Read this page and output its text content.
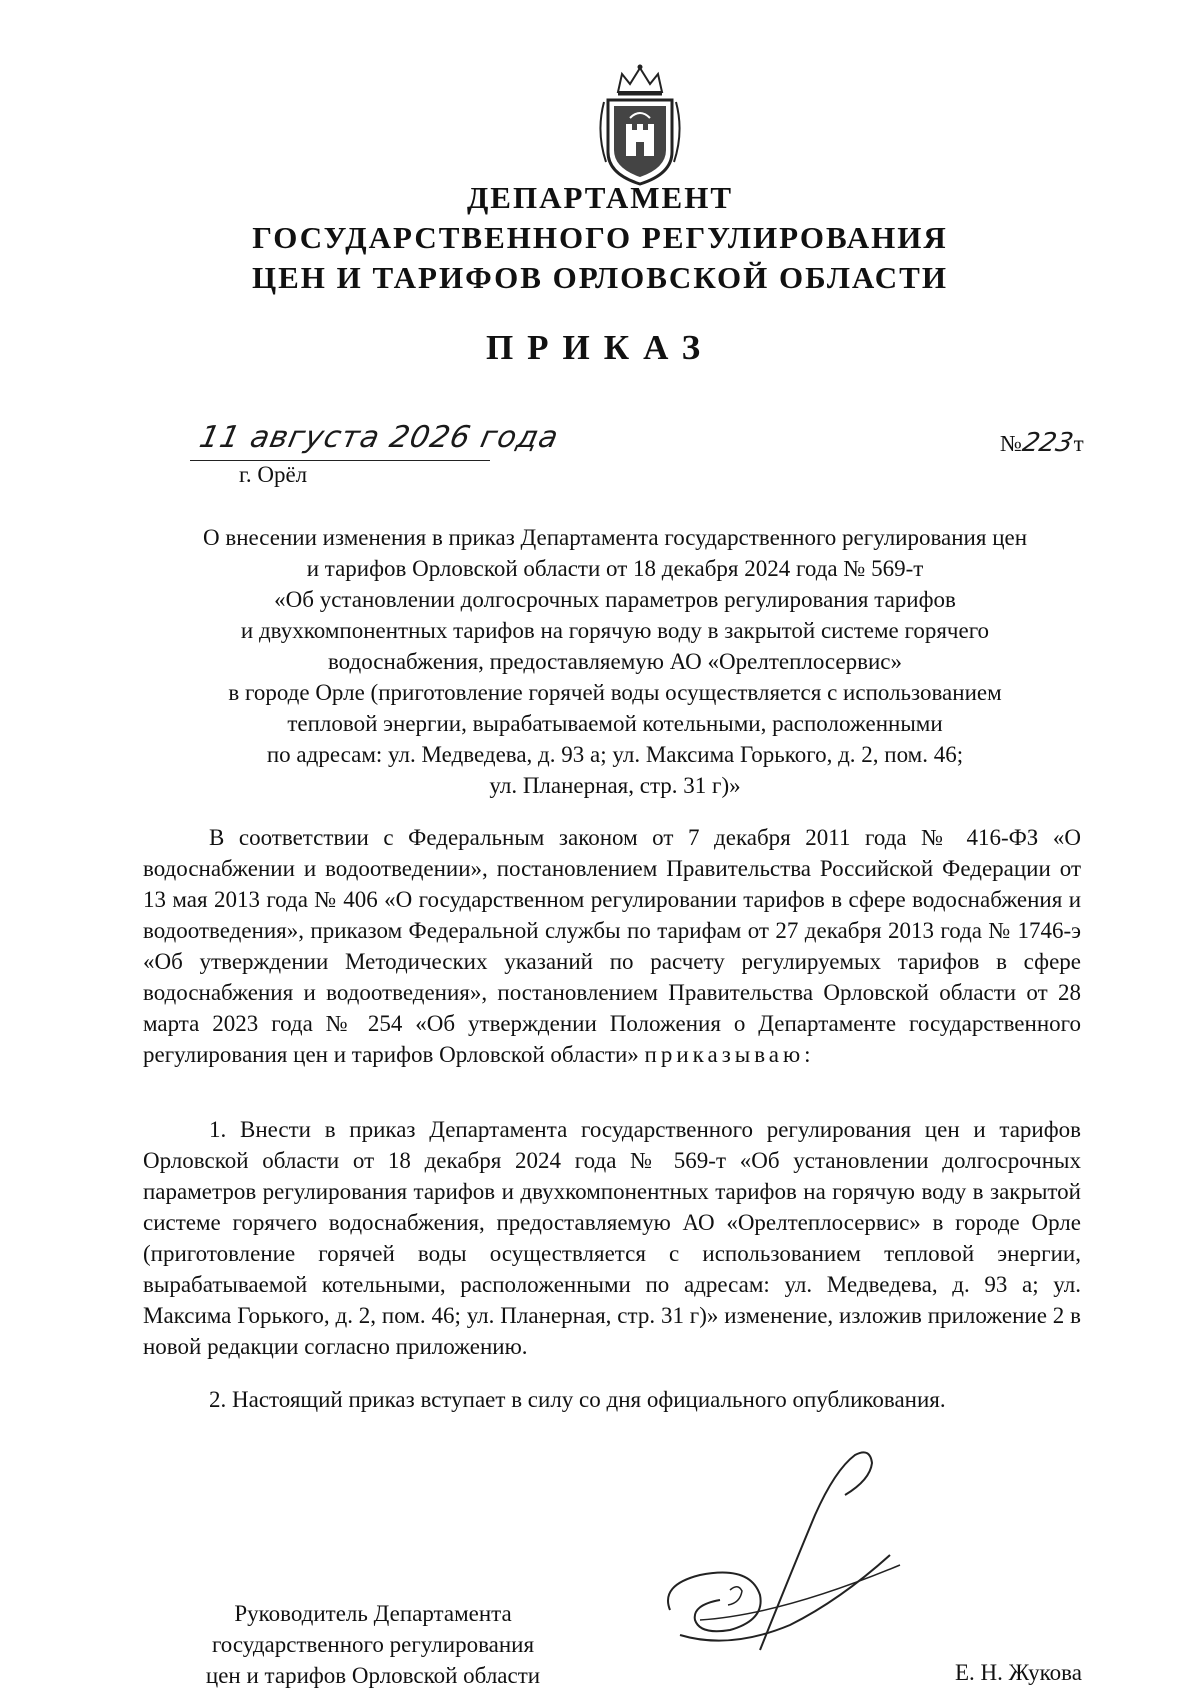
ДЕПАРТАМЕНТ
ГОСУДАРСТВЕННОГО РЕГУЛИРОВАНИЯ
ЦЕН И ТАРИФОВ ОРЛОВСКОЙ ОБЛАСТИ
ПРИКАЗ
11 августа 2026 года
г. Орёл
№223т
О внесении изменения в приказ Департамента государственного регулирования цен
и тарифов Орловской области от 18 декабря 2024 года № 569-т
«Об установлении долгосрочных параметров регулирования тарифов
и двухкомпонентных тарифов на горячую воду в закрытой системе горячего
водоснабжения, предоставляемую АО «Орелтеплосервис»
в городе Орле (приготовление горячей воды осуществляется с использованием
тепловой энергии, вырабатываемой котельными, расположенными
по адресам: ул. Медведева, д. 93 а; ул. Максима Горького, д. 2, пом. 46;
ул. Планерная, стр. 31 г)»
В соответствии с Федеральным законом от 7 декабря 2011 года № 416-ФЗ «О водоснабжении и водоотведении», постановлением Правительства Российской Федерации от 13 мая 2013 года № 406 «О государственном регулировании тарифов в сфере водоснабжения и водоотведения», приказом Федеральной службы по тарифам от 27 декабря 2013 года № 1746-э «Об утверждении Методических указаний по расчету регулируемых тарифов в сфере водоснабжения и водоотведения», постановлением Правительства Орловской области от 28 марта 2023 года № 254 «Об утверждении Положения о Департаменте государственного регулирования цен и тарифов Орловской области» приказываю:
1. Внести в приказ Департамента государственного регулирования цен и тарифов Орловской области от 18 декабря 2024 года № 569-т «Об установлении долгосрочных параметров регулирования тарифов и двухкомпонентных тарифов на горячую воду в закрытой системе горячего водоснабжения, предоставляемую АО «Орелтеплосервис» в городе Орле (приготовление горячей воды осуществляется с использованием тепловой энергии, вырабатываемой котельными, расположенными по адресам: ул. Медведева, д. 93 а; ул. Максима Горького, д. 2, пом. 46; ул. Планерная, стр. 31 г)» изменение, изложив приложение 2 в новой редакции согласно приложению.
2. Настоящий приказ вступает в силу со дня официального опубликования.
Руководитель Департамента
государственного регулирования
цен и тарифов Орловской области	Е. Н. Жукова
